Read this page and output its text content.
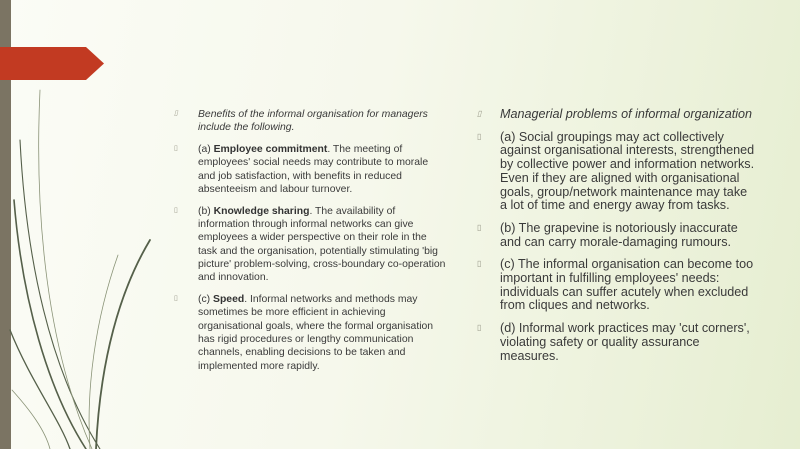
▯ Benefits of the informal organisation for managers include the following.
▯ (a) Employee commitment. The meeting of employees' social needs may contribute to morale and job satisfaction, with benefits in reduced absenteeism and labour turnover.
▯ (b) Knowledge sharing. The availability of information through informal networks can give employees a wider perspective on their role in the task and the organisation, potentially stimulating 'big picture' problem-solving, cross-boundary co-operation and innovation.
▯ (c) Speed. Informal networks and methods may sometimes be more efficient in achieving organisational goals, where the formal organisation has rigid procedures or lengthy communication channels, enabling decisions to be taken and implemented more rapidly.
▯ Managerial problems of informal organization
▯ (a) Social groupings may act collectively against organisational interests, strengthened by collective power and information networks. Even if they are aligned with organisational goals, group/network maintenance may take a lot of time and energy away from tasks.
▯ (b) The grapevine is notoriously inaccurate and can carry morale-damaging rumours.
▯ (c) The informal organisation can become too important in fulfilling employees' needs: individuals can suffer acutely when excluded from cliques and networks.
▯ (d) Informal work practices may 'cut corners', violating safety or quality assurance measures.
